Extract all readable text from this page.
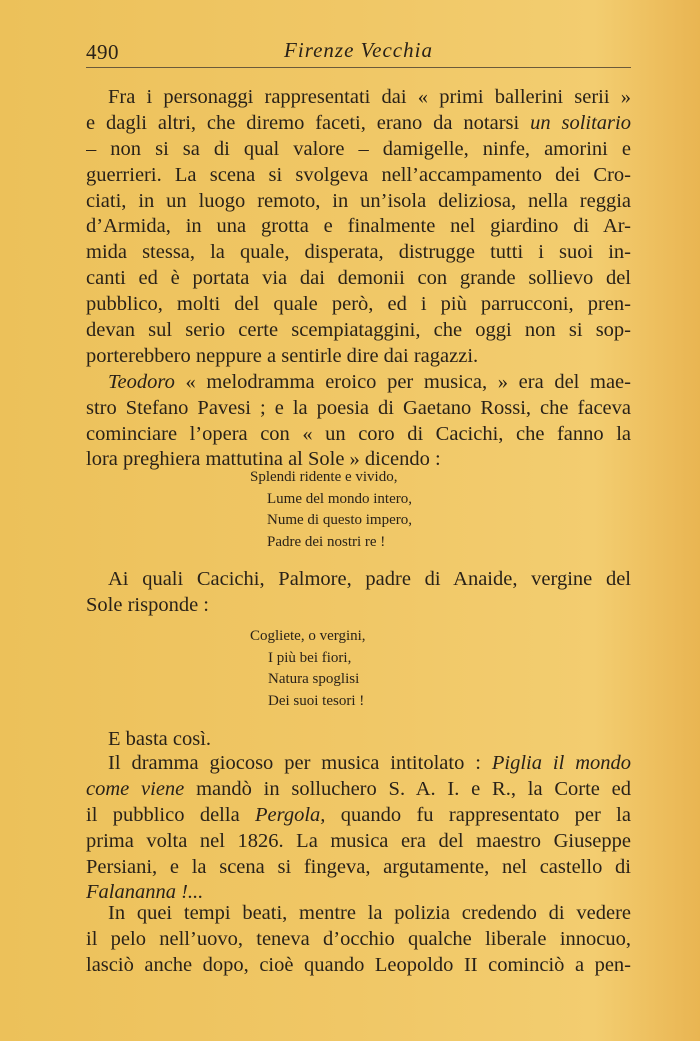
490	Firenze Vecchia
Fra i personaggi rappresentati dai « primi ballerini serii »
e dagli altri, che diremo faceti, erano da notarsi un solitario
– non si sa di qual valore – damigelle, ninfe, amorini e
guerrieri. La scena si svolgeva nell’accampamento dei Cro-
ciati, in un luogo remoto, in un’isola deliziosa, nella reggia
d’Armida, in una grotta e finalmente nel giardino di Ar-
mida stessa, la quale, disperata, distrugge tutti i suoi in-
canti ed è portata via dai demonii con grande sollievo del
pubblico, molti del quale però, ed i più parrucconi, pren-
devan sul serio certe scempiataggini, che oggi non si sop-
porterebbero neppure a sentirle dire dai ragazzi.
Teodoro « melodramma eroico per musica, » era del mae-
stro Stefano Pavesi ; e la poesia di Gaetano Rossi, che faceva
cominciare l’opera con « un coro di Cacichi, che fanno la
lora preghiera mattutina al Sole » dicendo :
Splendi ridente e vivido,
Lume del mondo intero,
Nume di questo impero,
Padre dei nostri re !
Ai quali Cacichi, Palmore, padre di Anaide, vergine del
Sole risponde :
Cogliete, o vergini,
I più bei fiori,
Natura spoglisi
Dei suoi tesori !
E basta così.
Il dramma giocoso per musica intitolato : Piglia il mondo
come viene mandò in solluchero S. A. I. e R., la Corte ed
il pubblico della Pergola, quando fu rappresentato per la
prima volta nel 1826. La musica era del maestro Giuseppe
Persiani, e la scena si fingeva, argutamente, nel castello di
Falananna !...
In quei tempi beati, mentre la polizia credendo di vedere
il pelo nell’uovo, teneva d’occhio qualche liberale innocuo,
lasciò anche dopo, cioè quando Leopoldo II cominciò a pen-
